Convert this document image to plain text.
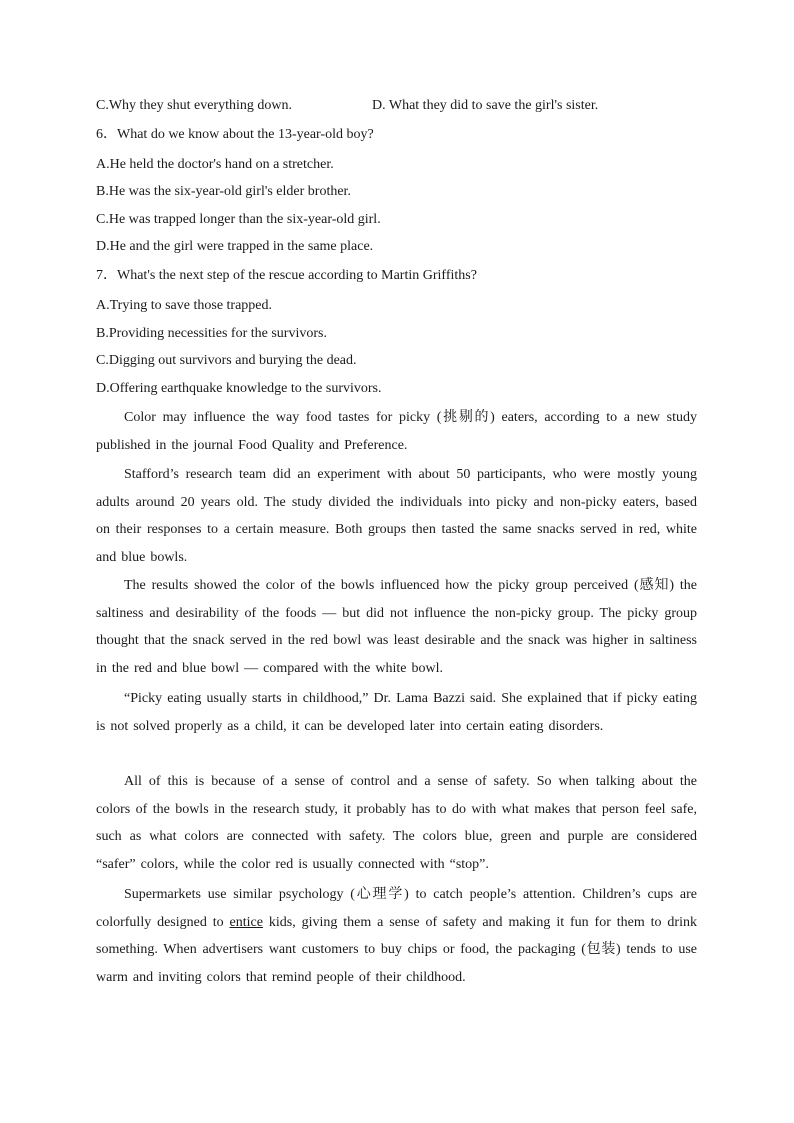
C.Why they shut everything down.	D. What they did to save the girl's sister.
6．What do we know about the 13-year-old boy?
A.He held the doctor's hand on a stretcher.
B.He was the six-year-old girl's elder brother.
C.He was trapped longer than the six-year-old girl.
D.He and the girl were trapped in the same place.
7．What's the next step of the rescue according to Martin Griffiths?
A.Trying to save those trapped.
B.Providing necessities for the survivors.
C.Digging out survivors and burying the dead.
D.Offering earthquake knowledge to the survivors.
Color may influence the way food tastes for picky (挑剔的) eaters, according to a new study published in the journal Food Quality and Preference.
Stafford’s research team did an experiment with about 50 participants, who were mostly young adults around 20 years old. The study divided the individuals into picky and non-picky eaters, based on their responses to a certain measure. Both groups then tasted the same snacks served in red, white and blue bowls.
The results showed the color of the bowls influenced how the picky group perceived (感知) the saltiness and desirability of the foods — but did not influence the non-picky group. The picky group thought that the snack served in the red bowl was least desirable and the snack was higher in saltiness in the red and blue bowl — compared with the white bowl.
“Picky eating usually starts in childhood,” Dr. Lama Bazzi said. She explained that if picky eating is not solved properly as a child, it can be developed later into certain eating disorders.
All of this is because of a sense of control and a sense of safety. So when talking about the colors of the bowls in the research study, it probably has to do with what makes that person feel safe, such as what colors are connected with safety. The colors blue, green and purple are considered “safer” colors, while the color red is usually connected with “stop”.
Supermarkets use similar psychology (心理学) to catch people’s attention. Children’s cups are colorfully designed to entice kids, giving them a sense of safety and making it fun for them to drink something. When advertisers want customers to buy chips or food, the packaging (包装) tends to use warm and inviting colors that remind people of their childhood.
